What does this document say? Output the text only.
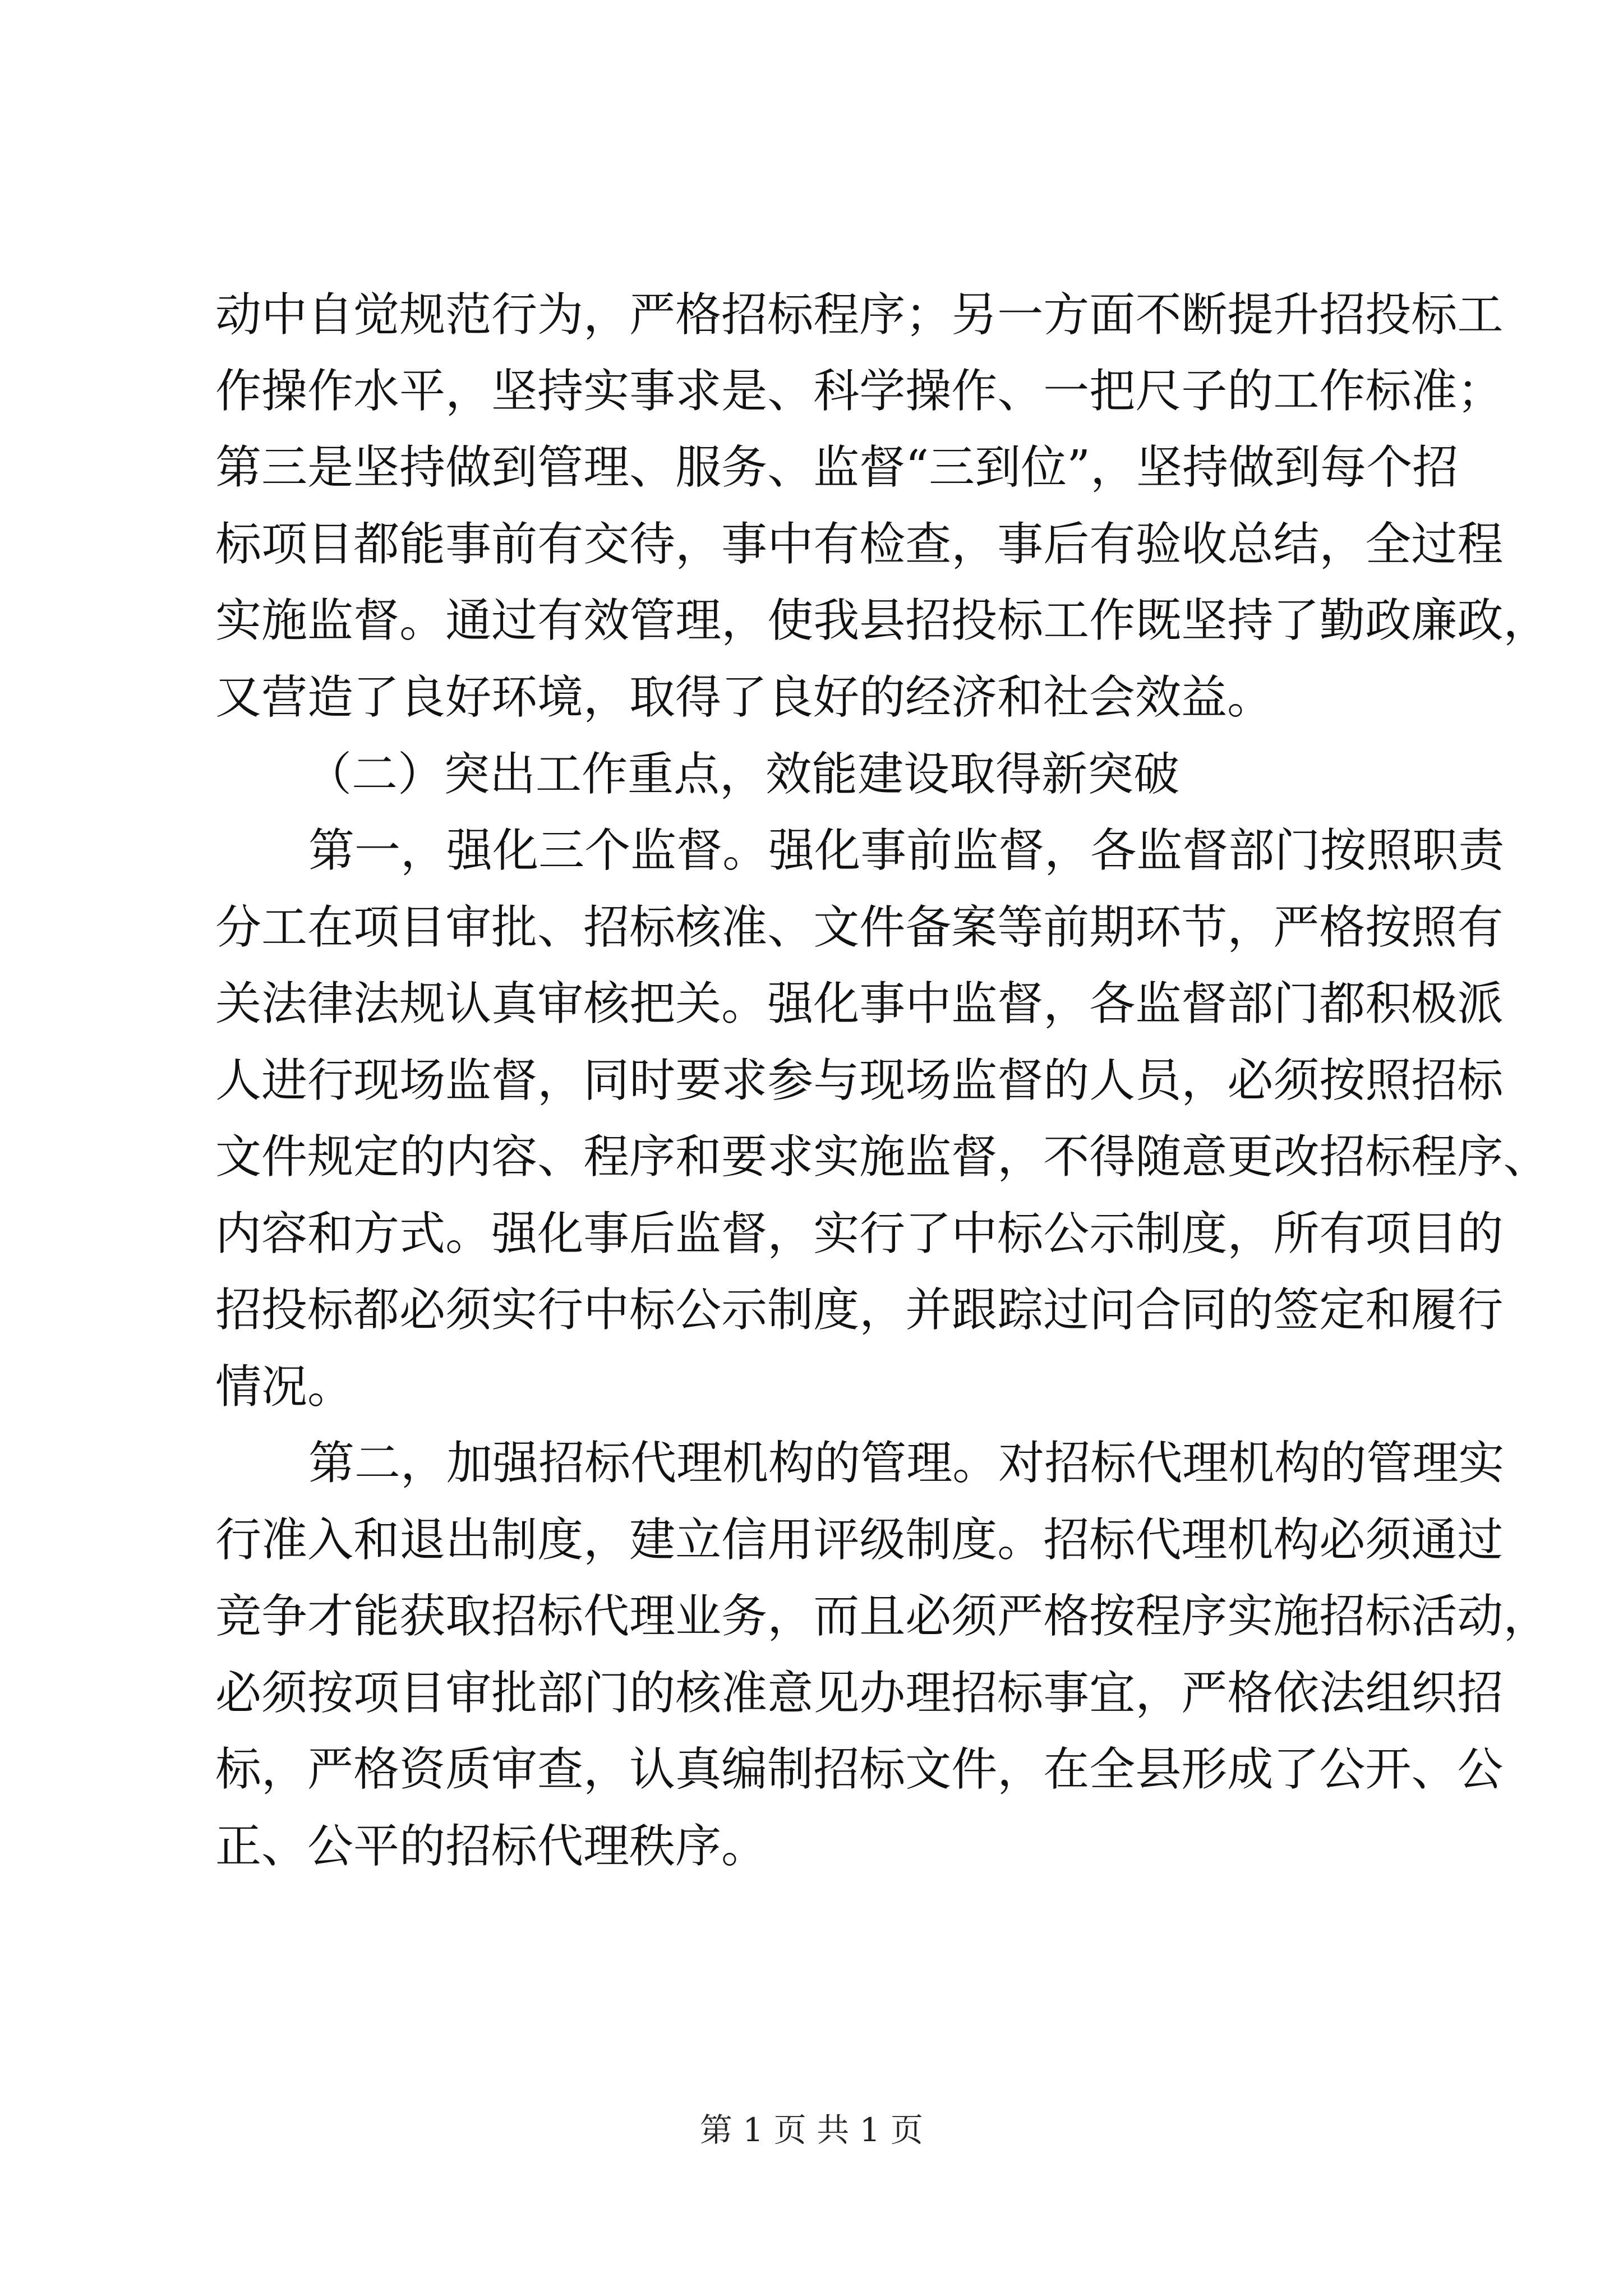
动 中 自 觉 规 范 行 为 ， 严 格 招 标 程 序 ； 另 一 方 面 不 断 提 升 招 投 标 工
作 操 作 水 平 ， 坚 持 实 事 求 是 、 科 学 操 作 、 一 把 尺 子 的 工 作 标 准 ；
第 三 是 坚 持 做 到 管 理 、 服 务 、 监 督 “ 三 到 位 ” ， 坚 持 做 到 每 个 招
标 项 目 都 能 事 前 有 交 待 ， 事 中 有 检 查 ， 事 后 有 验 收 总 结 ， 全 过 程
实 施 监 督 。 通 过 有 效 管 理 ， 使 我 县 招 投 标 工 作 既 坚 持 了 勤 政 廉 政 ，
又营造了良好环境，取得了良好的经济和社会效益。
（二）突出工作重点，效能建设取得新突破
第 一 ， 强 化 三 个 监 督 。 强 化 事 前 监 督 ， 各 监 督 部 门 按 照 职 责
分 工 在 项 目 审 批 、 招 标 核 准 、 文 件 备 案 等 前 期 环 节 ， 严 格 按 照 有
关 法 律 法 规 认 真 审 核 把 关 。 强 化 事 中 监 督 ， 各 监 督 部 门 都 积 极 派
人 进 行 现 场 监 督 ， 同 时 要 求 参 与 现 场 监 督 的 人 员 ， 必 须 按 照 招 标
文 件 规 定 的 内 容 、 程 序 和 要 求 实 施 监 督 ， 不 得 随 意 更 改 招 标 程 序 、
内 容 和 方 式 。 强 化 事 后 监 督 ， 实 行 了 中 标 公 示 制 度 ， 所 有 项 目 的
招 投 标 都 必 须 实 行 中 标 公 示 制 度 ， 并 跟 踪 过 问 合 同 的 签 定 和 履 行
情况。
第 二 ， 加 强 招 标 代 理 机 构 的 管 理 。 对 招 标 代 理 机 构 的 管 理 实
行 准 入 和 退 出 制 度 ， 建 立 信 用 评 级 制 度 。 招 标 代 理 机 构 必 须 通 过
竞 争 才 能 获 取 招 标 代 理 业 务 ， 而 且 必 须 严 格 按 程 序 实 施 招 标 活 动 ，
必 须 按 项 目 审 批 部 门 的 核 准 意 见 办 理 招 标 事 宜 ， 严 格 依 法 组 织 招
标 ， 严 格 资 质 审 查 ， 认 真 编 制 招 标 文 件 ， 在 全 县 形 成 了 公 开 、 公
正、公平的招标代理秩序。
第 1 页 共 1 页
